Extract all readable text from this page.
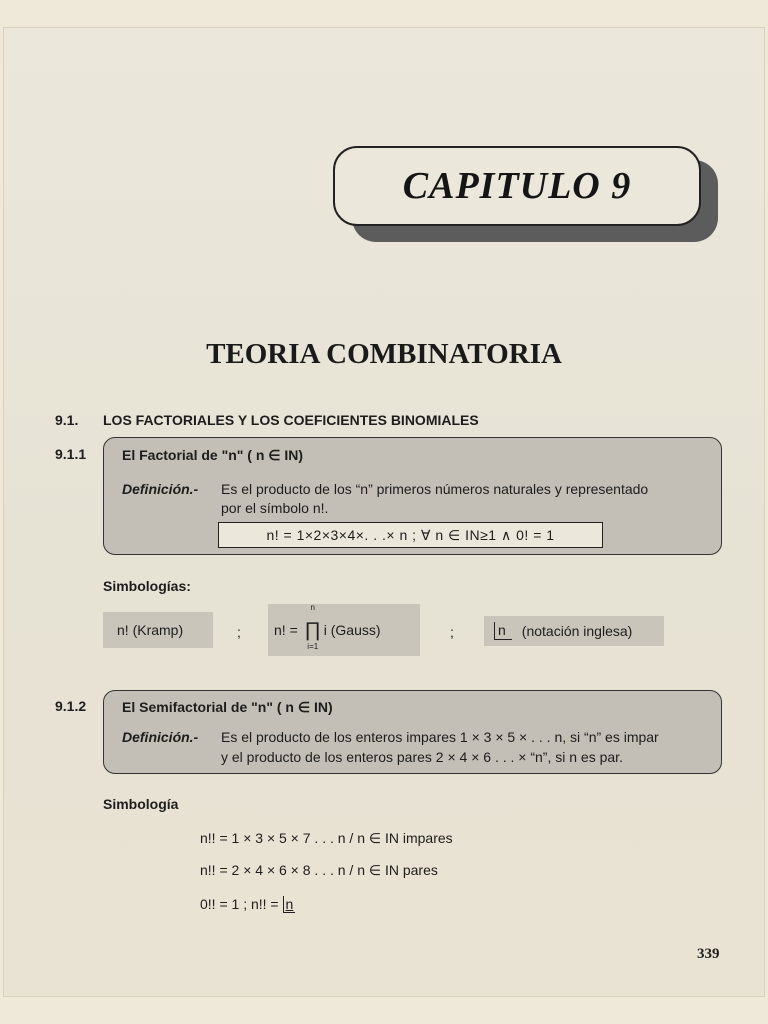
CAPITULO 9
TEORIA COMBINATORIA
9.1. LOS FACTORIALES Y LOS COEFICIENTES BINOMIALES
9.1.1	El Factorial de "n" ( n ∈ IN)
Definición.- Es el producto de los “n” primeros números naturales y representado
por el símbolo n!.
n! = 1×2×3×4×. . .× n ; ∀ n ∈ IN≥1 ∧ 0! = 1
Simbologías:
n! (Kramp)	; n! =
n
∏
i=1
i (Gauss)	;	n	(notación inglesa)
9.1.2	El Semifactorial de "n" ( n ∈ IN)
Definición.- Es el producto de los enteros impares 1 × 3 × 5 × . . . n, si “n” es impar
y el producto de los enteros pares 2 × 4 × 6 . . . × “n”, si n es par.
Simbología
n!! = 1 × 3 × 5 × 7 . . . n / n ∈ IN impares
n!! = 2 × 4 × 6 × 8 . . . n / n ∈ IN pares
0!! = 1 ; n!! = n
339
